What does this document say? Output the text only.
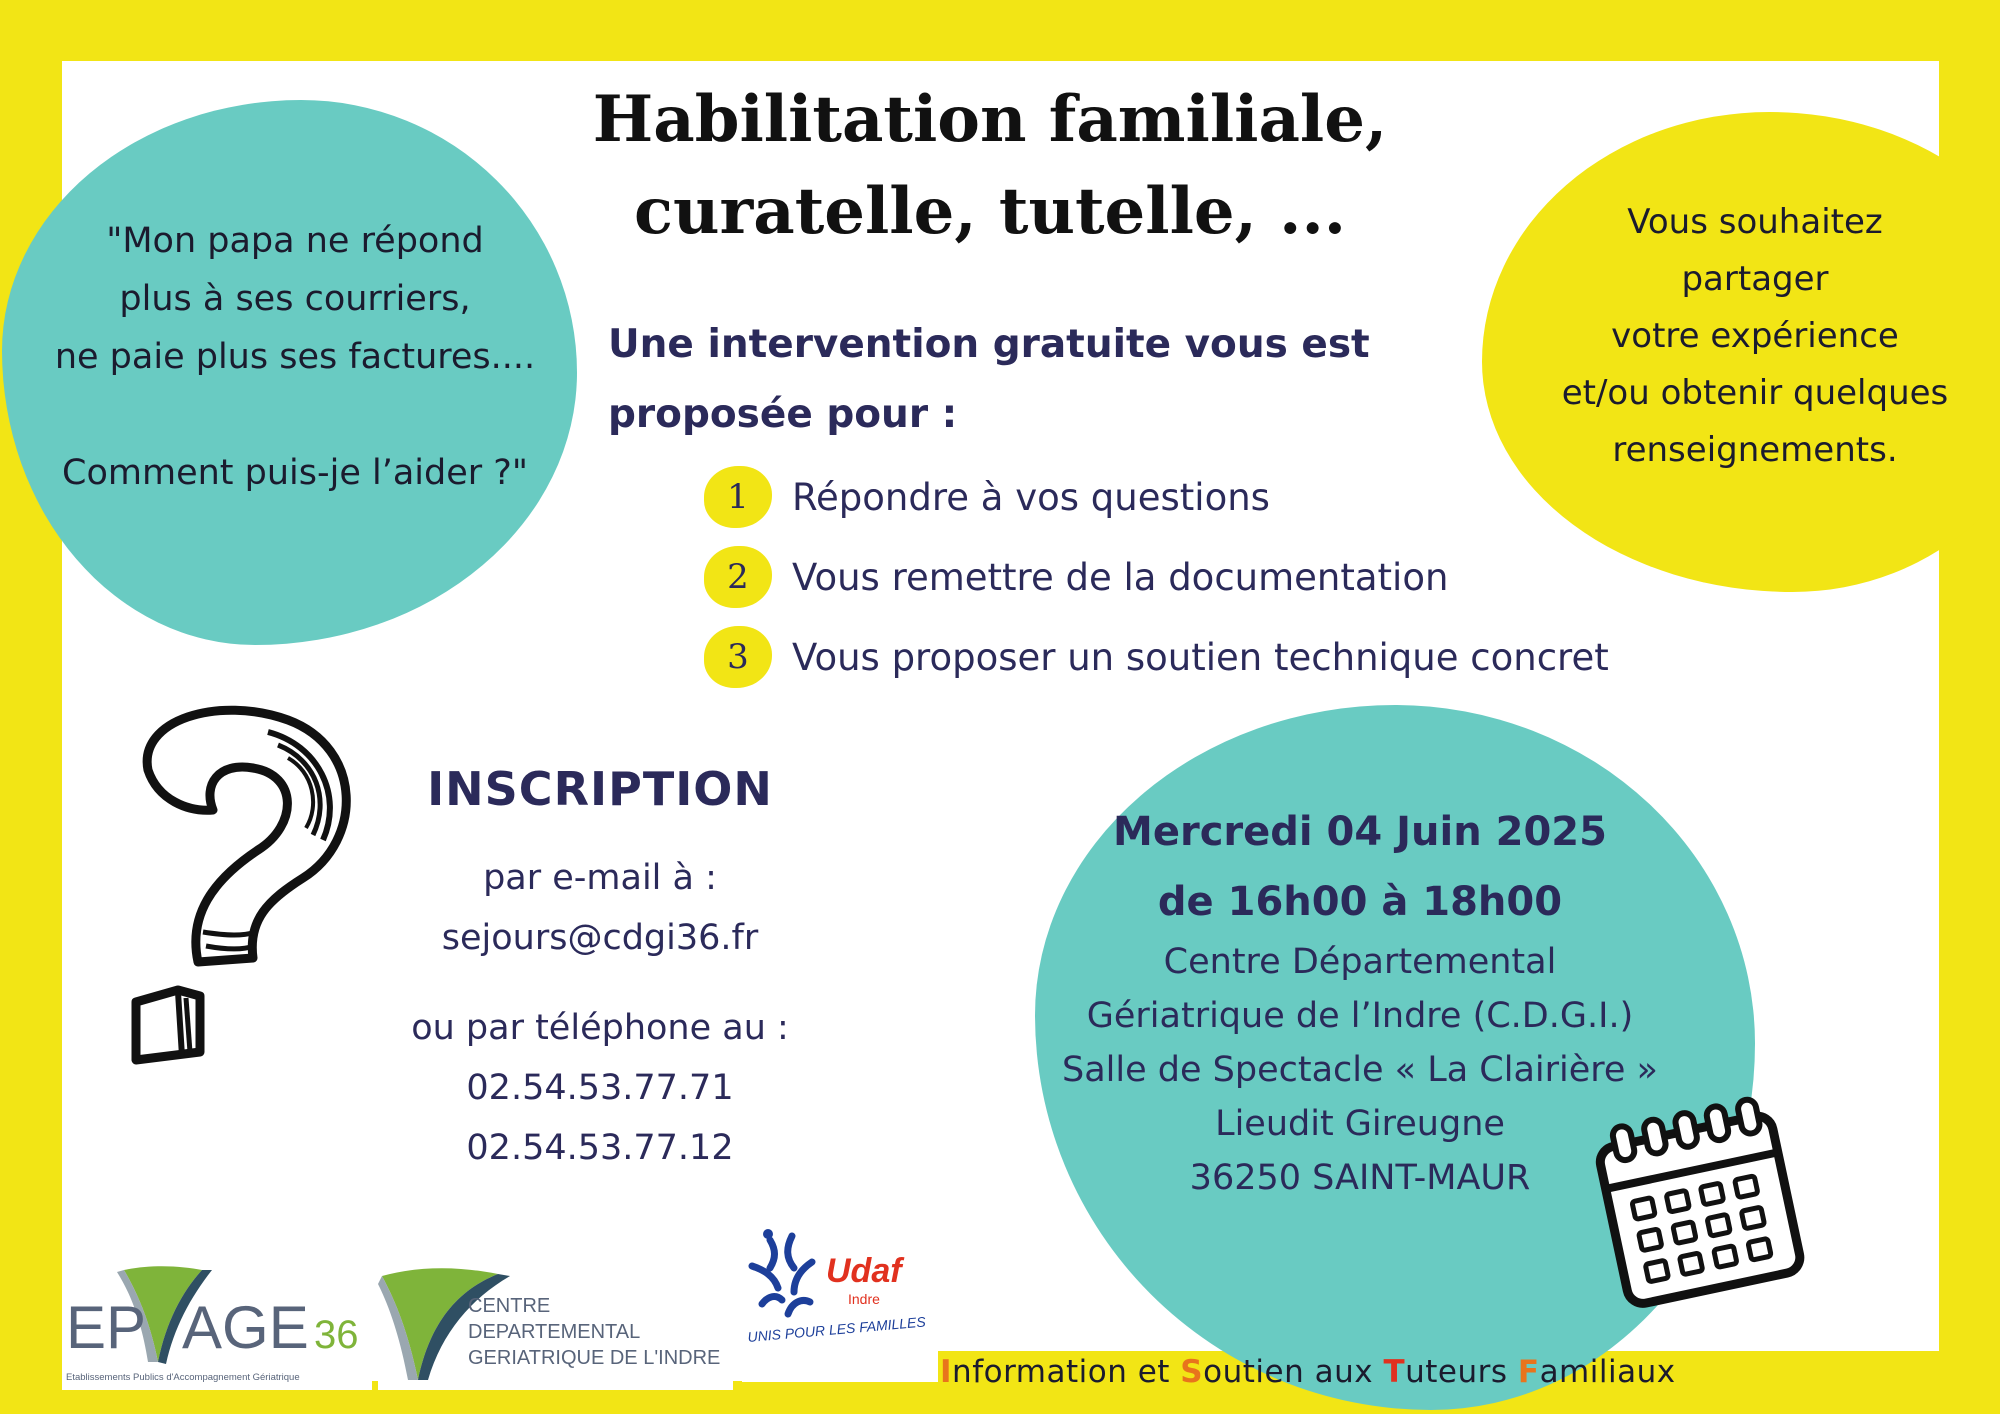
"Mon papa ne répond
plus à ses courriers,
ne paie plus ses factures....
Comment puis-je l’aider ?"
Vous souhaitez
partager
votre expérience
et/ou obtenir quelques
renseignements.
Habilitation familiale,
curatelle, tutelle, ...
Une intervention gratuite vous est
proposée pour :
1	Répondre à vos questions
2	Vous remettre de la documentation
3	Vous proposer un soutien technique concret
INSCRIPTION
par e-mail à :
sejours@cdgi36.fr
ou par téléphone au :
02.54.53.77.71
02.54.53.77.12
Mercredi 04 Juin 2025
de 16h00 à 18h00
Centre Départemental
Gériatrique de l’Indre (C.D.G.I.)
Salle de Spectacle « La Clairière »
Lieudit Gireugne
36250 SAINT-MAUR
EP AGE 36
Etablissements Publics d'Accompagnement Gériatrique
CENTRE
DEPARTEMENTAL
GERIATRIQUE DE L'INDRE
Udaf
Indre
UNIS POUR LES FAMILLES
Information et Soutien aux Tuteurs Familiaux
